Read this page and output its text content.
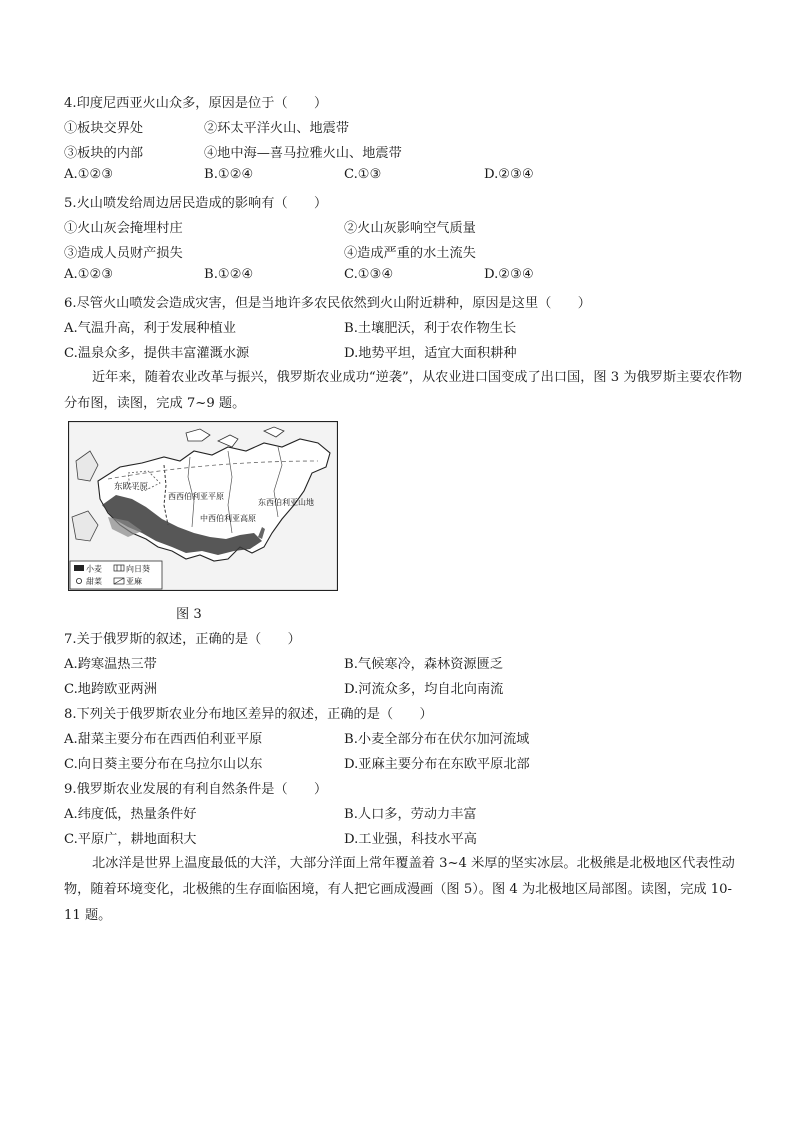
4.印度尼西亚火山众多，原因是位于（　　）
①板块交界处	②环太平洋火山、地震带
③板块的内部	④地中海—喜马拉雅火山、地震带
A.①②③	B.①②④	C.①③	D.②③④
5.火山喷发给周边居民造成的影响有（　　）
①火山灰会掩埋村庄	②火山灰影响空气质量
③造成人员财产损失	④造成严重的水土流失
A.①②③	B.①②④	C.①③④	D.②③④
6.尽管火山喷发会造成灾害，但是当地许多农民依然到火山附近耕种，原因是这里（　　）
A.气温升高，利于发展种植业	B.土壤肥沃，利于农作物生长
C.温泉众多，提供丰富灌溉水源	D.地势平坦，适宜大面积耕种
近年来，随着农业改革与振兴，俄罗斯农业成功“逆袭”，从农业进口国变成了出口国，图 3 为俄罗斯主要农作物分布图，读图，完成 7~9 题。
东欧平原
西西伯利亚平原
中西伯利亚高原
东西伯利亚山地
小麦	向日葵
甜菜	亚麻
图 3
7.关于俄罗斯的叙述，正确的是（　　）
A.跨寒温热三带	B.气候寒冷，森林资源匮乏
C.地跨欧亚两洲	D.河流众多，均自北向南流
8.下列关于俄罗斯农业分布地区差异的叙述，正确的是（　　）
A.甜菜主要分布在西西伯利亚平原	B.小麦全部分布在伏尔加河流域
C.向日葵主要分布在乌拉尔山以东	D.亚麻主要分布在东欧平原北部
9.俄罗斯农业发展的有利自然条件是（　　）
A.纬度低，热量条件好	B.人口多，劳动力丰富
C.平原广，耕地面积大	D.工业强，科技水平高
北冰洋是世界上温度最低的大洋，大部分洋面上常年覆盖着 3~4 米厚的坚实冰层。北极熊是北极地区代表性动物，随着环境变化，北极熊的生存面临困境，有人把它画成漫画（图 5）。图 4 为北极地区局部图。读图，完成 10-11 题。
